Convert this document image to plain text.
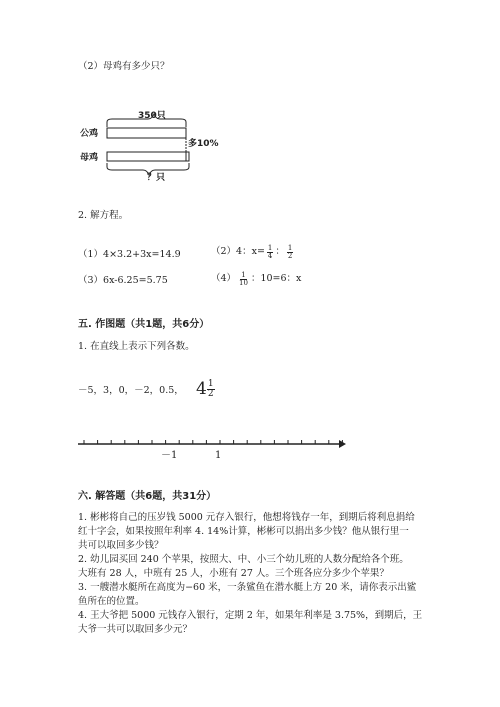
（2）母鸡有多少只？
350只
公鸡
母鸡
多10%
？只
2. 解方程。
（1）4×3.2+3x=14.9	（2）4：$x= \frac{1}{4}$ ： $\frac{1}{2}$
（3）6x-6.25=5.75	$(4) \frac{1}{10}$ ：10=6：x
五. 作图题（共1题，共6分）
1. 在直线上表示下列各数。
－5，3，0，－2，0.5， $4 \frac{1}{2}$
－1	1
六. 解答题（共6题，共31分）
1. 彬彬将自己的压岁钱 5000 元存入银行，他想将钱存一年，到期后将利息捐给
红十字会，如果按照年利率 4. 14%计算，彬彬可以捐出多少钱？他从银行里一
共可以取回多少钱？
2. 幼儿园买回 240 个苹果，按照大、中、小三个幼儿班的人数分配给各个班。
大班有 28 人，中班有 25 人，小班有 27 人。三个班各应分多少个苹果？
3. 一艘潜水艇所在高度为−60 米，一条鲨鱼在潜水艇上方 20 米，请你表示出鲨
鱼所在的位置。
4. 王大爷把 5000 元钱存入银行，定期 2 年，如果年利率是 3.75%，到期后，王
大爷一共可以取回多少元？
